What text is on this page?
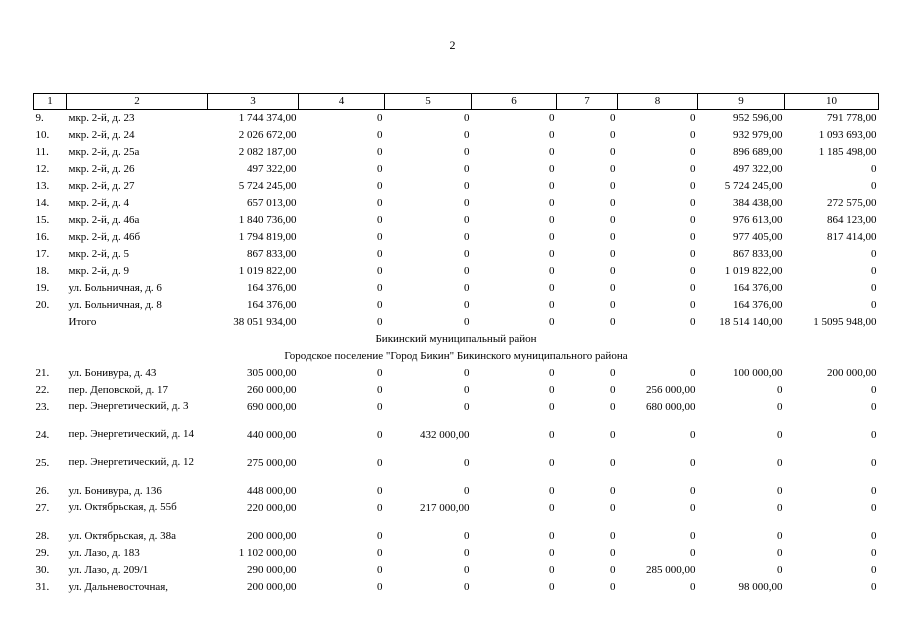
2
1	2	3	4	5	6	7	8	9	10
9.	мкр. 2-й, д. 23	1 744 374,00	0	0	0	0	0	952 596,00	791 778,00
10.	мкр. 2-й, д. 24	2 026 672,00	0	0	0	0	0	932 979,00	1 093 693,00
11.	мкр. 2-й, д. 25а	2 082 187,00	0	0	0	0	0	896 689,00	1 185 498,00
12.	мкр. 2-й, д. 26	497 322,00	0	0	0	0	0	497 322,00	0
13.	мкр. 2-й, д. 27	5 724 245,00	0	0	0	0	0	5 724 245,00	0
14.	мкр. 2-й, д. 4	657 013,00	0	0	0	0	0	384 438,00	272 575,00
15.	мкр. 2-й, д. 46а	1 840 736,00	0	0	0	0	0	976 613,00	864 123,00
16.	мкр. 2-й, д. 46б	1 794 819,00	0	0	0	0	0	977 405,00	817 414,00
17.	мкр. 2-й, д. 5	867 833,00	0	0	0	0	0	867 833,00	0
18.	мкр. 2-й, д. 9	1 019 822,00	0	0	0	0	0	1 019 822,00	0
19.	ул. Больничная, д. 6	164 376,00	0	0	0	0	0	164 376,00	0
20.	ул. Больничная, д. 8	164 376,00	0	0	0	0	0	164 376,00	0
	Итого	38 051 934,00	0	0	0	0	0	18 514 140,00	1 5095 948,00
Бикинский муниципальный район									
Городское поселение "Город Бикин" Бикинского муниципального районa									
21.	ул. Бонивура, д. 43	305 000,00	0	0	0	0	0	100 000,00	200 000,00
22.	пер. Деповской, д. 17	260 000,00	0	0	0	0	256 000,00	0	0
23.	пер. Энергетический, д. 3	690 000,00	0	0	0	0	680 000,00	0	0
24.	пер. Энергетический, д. 14	440 000,00	0	432 000,00	0	0	0	0	0
25.	пер. Энергетический, д. 12	275 000,00	0	0	0	0	0	0	0
26.	ул. Бонивура, д. 136	448 000,00	0	0	0	0	0	0	0
27.	ул. Октябрьская, д. 55б	220 000,00	0	217 000,00	0	0	0	0	0
28.	ул. Октябрьская, д. 38а	200 000,00	0	0	0	0	0	0	0
29.	ул. Лазо, д. 183	1 102 000,00	0	0	0	0	0	0	0
30.	ул. Лазо, д. 209/1	290 000,00	0	0	0	0	285 000,00	0	0
31.	ул. Дальневосточная,	200 000,00	0	0	0	0	0	98 000,00	0
